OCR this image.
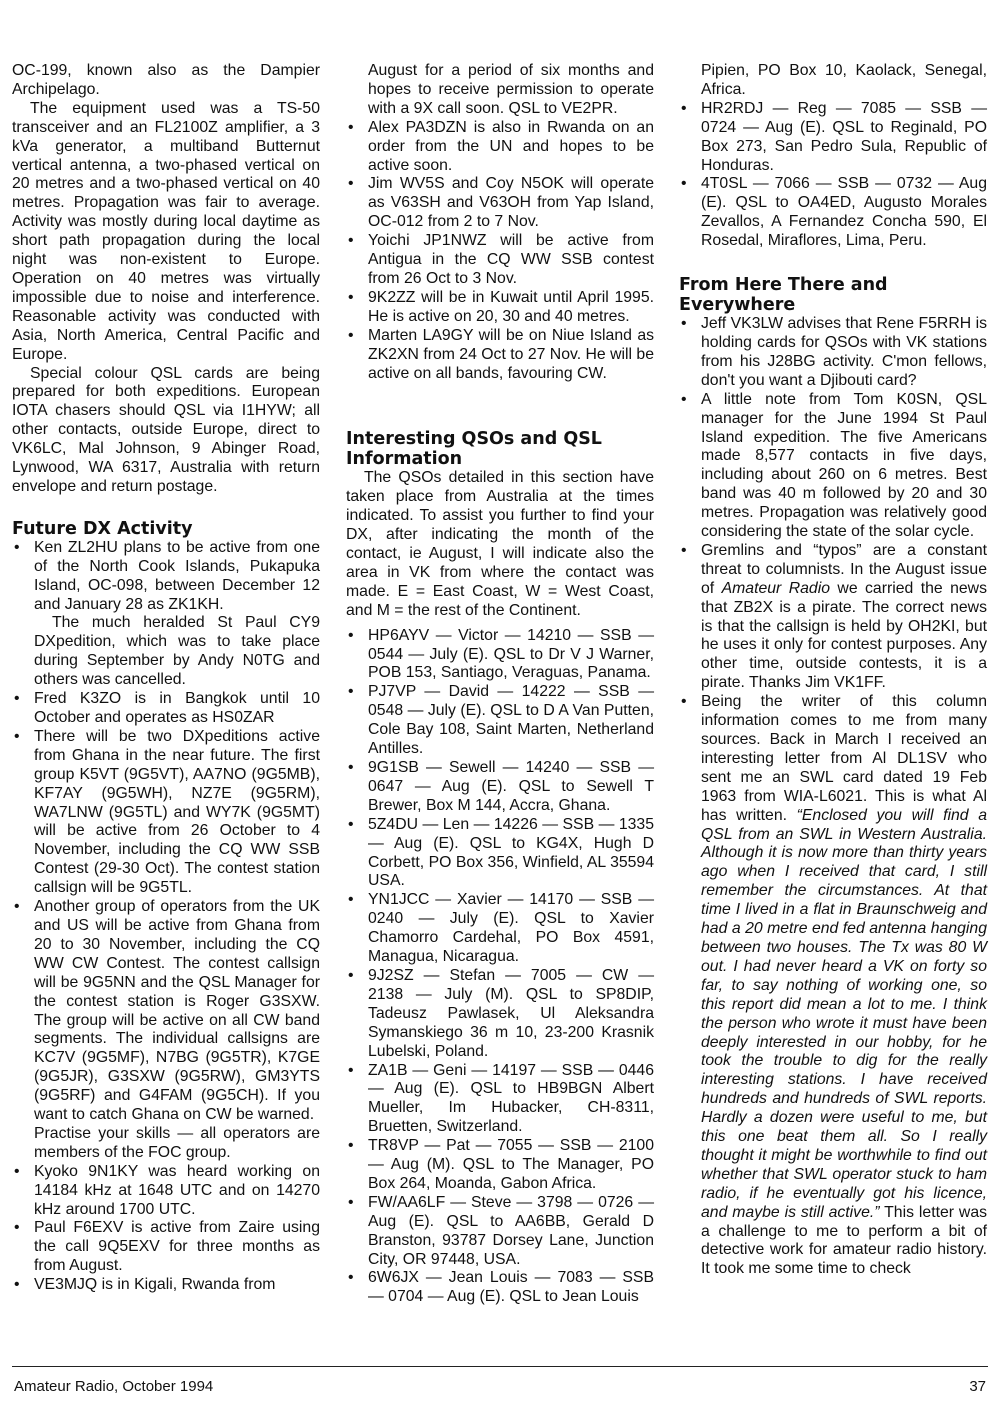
OC-199, known also as the Dampier Archipelago.

The equipment used was a TS-50 transceiver and an FL2100Z amplifier, a 3 kVa generator, a multiband Butternut vertical antenna, a two-phased vertical on 20 metres and a two-phased vertical on 40 metres. Propagation was fair to average. Activity was mostly during local daytime as short path propagation during the local night was non-existent to Europe. Operation on 40 metres was virtually impossible due to noise and interference. Reasonable activity was conducted with Asia, North America, Central Pacific and Europe.

Special colour QSL cards are being prepared for both expeditions. European IOTA chasers should QSL via I1HYW; all other contacts, outside Europe, direct to VK6LC, Mal Johnson, 9 Abinger Road, Lynwood, WA 6317, Australia with return envelope and return postage.

Future DX Activity
• Ken ZL2HU plans to be active from one of the North Cook Islands, Pukapuka Island, OC-098, between December 12 and January 28 as ZK1KH.
The much heralded St Paul CY9 DXpedition, which was to take place during September by Andy N0TG and others was cancelled.
• Fred K3ZO is in Bangkok until 10 October and operates as HS0ZAR
• There will be two DXpeditions active from Ghana in the near future. The first group K5VT (9G5VT), AA7NO (9G5MB), KF7AY (9G5WH), NZ7E (9G5RM), WA7LNW (9G5TL) and WY7K (9G5MT) will be active from 26 October to 4 November, including the CQ WW SSB Contest (29-30 Oct). The contest station callsign will be 9G5TL.
• Another group of operators from the UK and US will be active from Ghana from 20 to 30 November, including the CQ WW CW Contest. The contest callsign will be 9G5NN and the QSL Manager for the contest station is Roger G3SXW. The group will be active on all CW band segments. The individual callsigns are KC7V (9G5MF), N7BG (9G5TR), K7GE (9G5JR), G3SXW (9G5RW), GM3YTS (9G5RF) and G4FAM (9G5CH). If you want to catch Ghana on CW be warned.
Practise your skills — all operators are members of the FOC group.
• Kyoko 9N1KY was heard working on 14184 kHz at 1648 UTC and on 14270 kHz around 1700 UTC.
• Paul F6EXV is active from Zaire using the call 9Q5EXV for three months as from August.
• VE3MJQ is in Kigali, Rwanda from
August for a period of six months and hopes to receive permission to operate with a 9X call soon. QSL to VE2PR.
• Alex PA3DZN is also in Rwanda on an order from the UN and hopes to be active soon.
• Jim WV5S and Coy N5OK will operate as V63SH and V63OH from Yap Island, OC-012 from 2 to 7 Nov.
• Yoichi JP1NWZ will be active from Antigua in the CQ WW SSB contest from 26 Oct to 3 Nov.
• 9K2ZZ will be in Kuwait until April 1995. He is active on 20, 30 and 40 metres.
• Marten LA9GY will be on Niue Island as ZK2XN from 24 Oct to 27 Nov. He will be active on all bands, favouring CW.
Interesting QSOs and QSL Information

The QSOs detailed in this section have taken place from Australia at the times indicated. To assist you further to find your DX, after indicating the month of the contact, ie August, I will indicate also the area in VK from where the contact was made. E = East Coast, W = West Coast, and M = the rest of the Continent.

• HP6AYV — Victor — 14210 — SSB — 0544 — July (E). QSL to Dr V J Warner, POB 153, Santiago, Veraguas, Panama.
• PJ7VP — David — 14222 — SSB — 0548 — July (E). QSL to D A Van Putten, Cole Bay 108, Saint Marten, Netherland Antilles.
• 9G1SB — Sewell — 14240 — SSB — 0647 — Aug (E). QSL to Sewell T Brewer, Box M 144, Accra, Ghana.
• 5Z4DU — Len — 14226 — SSB — 1335 — Aug (E). QSL to KG4X, Hugh D Corbett, PO Box 356, Winfield, AL 35594 USA.
• YN1JCC — Xavier — 14170 — SSB — 0240 — July (E). QSL to Xavier Chamorro Cardehal, PO Box 4591, Managua, Nicaragua.
• 9J2SZ — Stefan — 7005 — CW — 2138 — July (M). QSL to SP8DIP, Tadeusz Pawlasek, Ul Aleksandra Symanskiego 36 m 10, 23-200 Krasnik Lubelski, Poland.
• ZA1B — Geni — 14197 — SSB — 0446 — Aug (E). QSL to HB9BGN Albert Mueller, Im Hubacker, CH-8311, Bruetten, Switzerland.
• TR8VP — Pat — 7055 — SSB — 2100 — Aug (M). QSL to The Manager, PO Box 264, Moanda, Gabon Africa.
• FW/AA6LF — Steve — 3798 — 0726 — Aug (E). QSL to AA6BB, Gerald D Branston, 93787 Dorsey Lane, Junction City, OR 97448, USA.
• 6W6JX — Jean Louis — 7083 — SSB — 0704 — Aug (E). QSL to Jean Louis
Pipien, PO Box 10, Kaolack, Senegal, Africa.
• HR2RDJ — Reg — 7085 — SSB — 0724 — Aug (E). QSL to Reginald, PO Box 273, San Pedro Sula, Republic of Honduras.
• 4T0SL — 7066 — SSB — 0732 — Aug (E). QSL to OA4ED, Augusto Morales Zevallos, A Fernandez Concha 590, El Rosedal, Miraflores, Lima, Peru.
From Here There and Everywhere
• Jeff VK3LW advises that Rene F5RRH is holding cards for QSOs with VK stations from his J28BG activity. C'mon fellows, don't you want a Djibouti card?
• A little note from Tom K0SN, QSL manager for the June 1994 St Paul Island expedition. The five Americans made 8,577 contacts in five days, including about 260 on 6 metres. Best band was 40 m followed by 20 and 30 metres. Propagation was relatively good considering the state of the solar cycle.
• Gremlins and “typos” are a constant threat to columnists. In the August issue of Amateur Radio we carried the news that ZB2X is a pirate. The correct news is that the callsign is held by OH2KI, but he uses it only for contest purposes. Any other time, outside contests, it is a pirate. Thanks Jim VK1FF.
• Being the writer of this column information comes to me from many sources. Back in March I received an interesting letter from Al DL1SV who sent me an SWL card dated 19 Feb 1963 from WIA-L6021. This is what Al has written. “Enclosed you will find a QSL from an SWL in Western Australia. Although it is now more than thirty years ago when I received that card, I still remember the circumstances. At that time I lived in a flat in Braunschweig and had a 20 metre end fed antenna hanging between two houses. The Tx was 80 W out. I had never heard a VK on forty so far, to say nothing of working one, so this report did mean a lot to me. I think the person who wrote it must have been deeply interested in our hobby, for he took the trouble to dig for the really interesting stations. I have received hundreds and hundreds of SWL reports. Hardly a dozen were useful to me, but this one beat them all. So I really thought it might be worthwhile to find out whether that SWL operator stuck to ham radio, if he eventually got his licence, and maybe is still active.” This letter was a challenge to me to perform a bit of detective work for amateur radio history. It took me some time to check
Amateur Radio, October 1994	37
